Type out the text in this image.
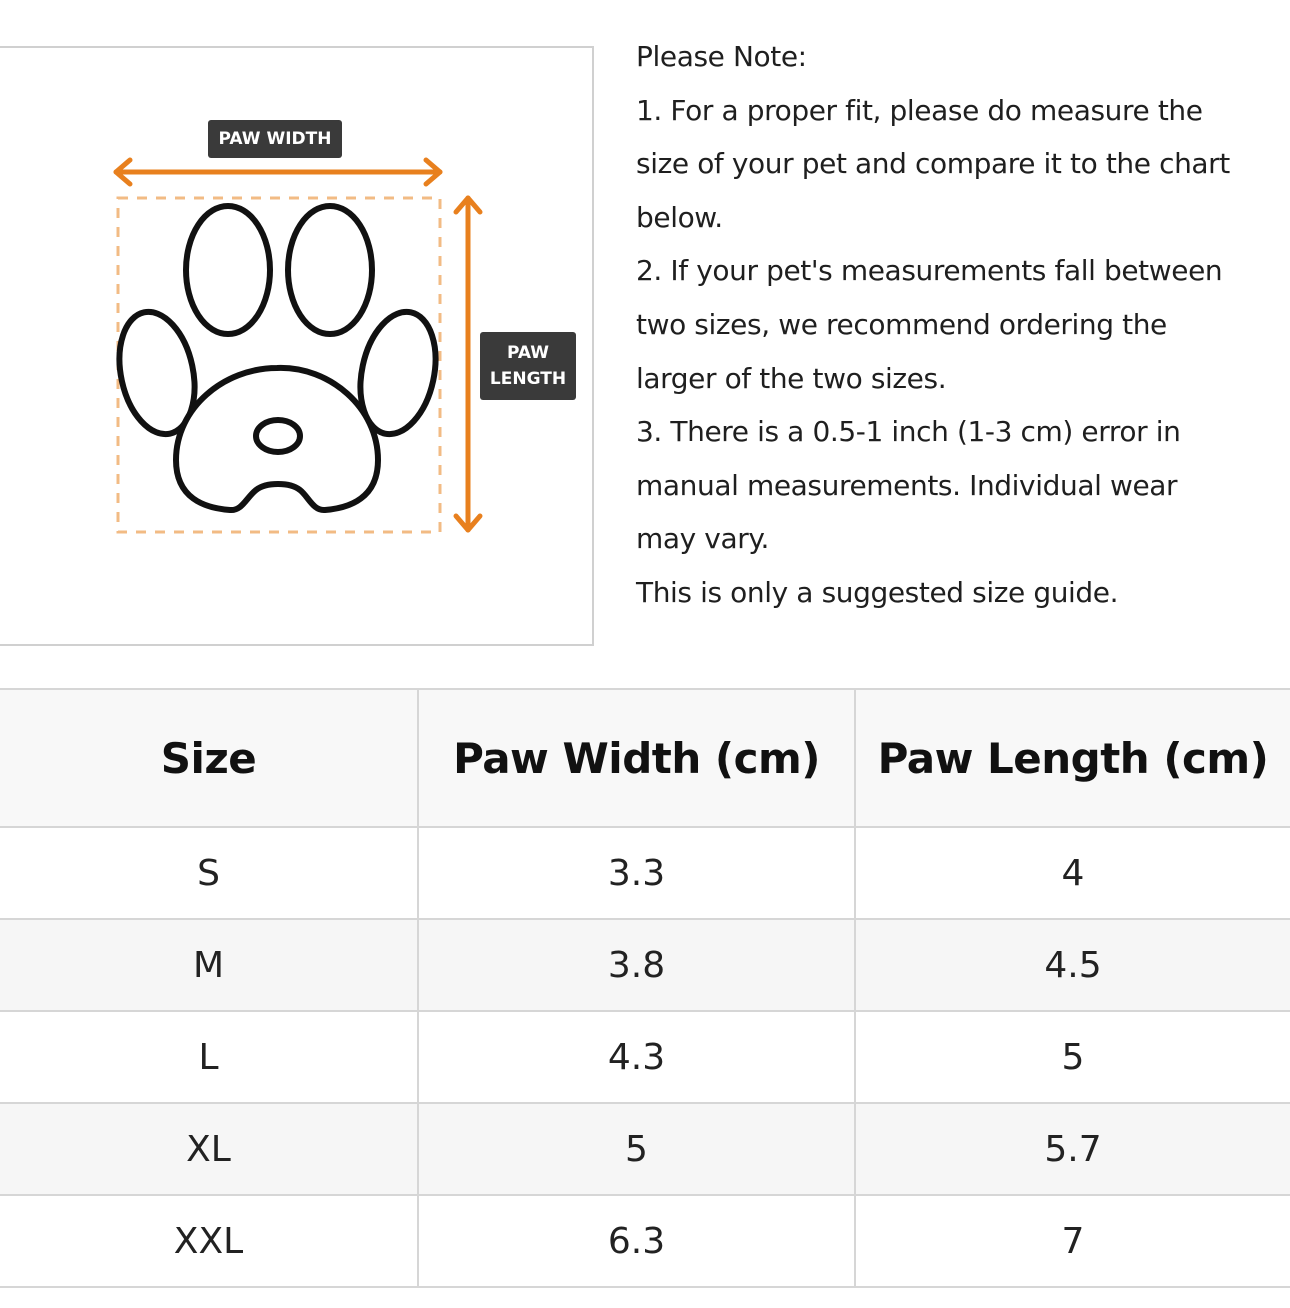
PAW WIDTH
PAW
LENGTH
Please Note:
1. For a proper fit, please do measure the
size of your pet and compare it to the chart
below.
2. If your pet's measurements fall between
two sizes, we recommend ordering the
larger of the two sizes.
3. There is a 0.5-1 inch (1-3 cm) error in
manual measurements. Individual wear
may vary.
This is only a suggested size guide.
Size	Paw Width (cm)	Paw Length (cm)
S	3.3	4
M	3.8	4.5
L	4.3	5
XL	5	5.7
XXL	6.3	7
